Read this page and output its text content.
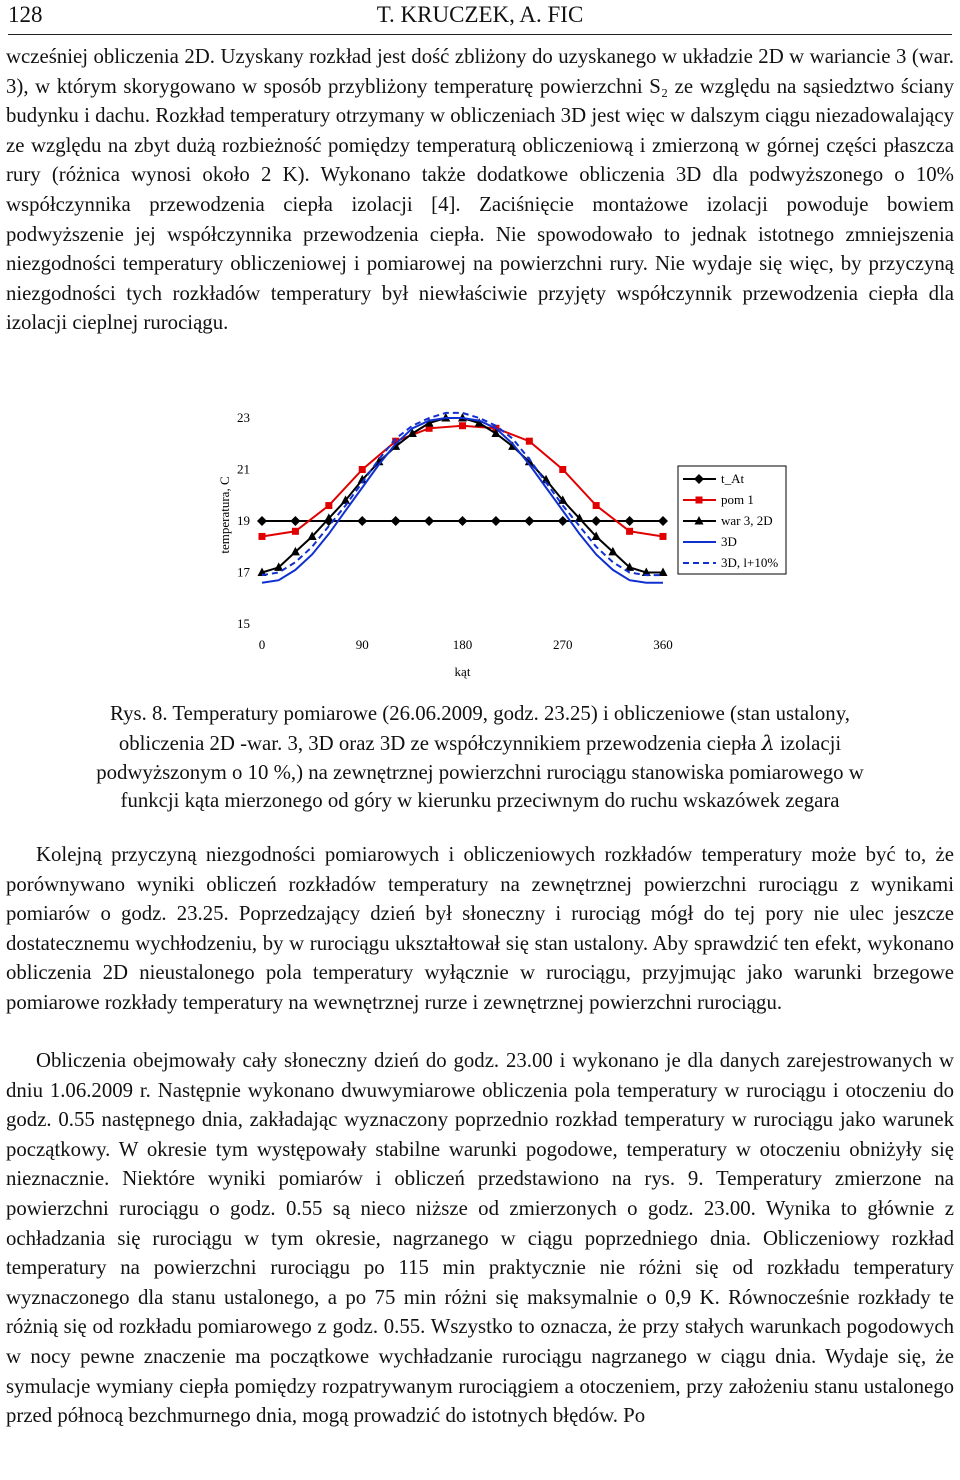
128	T. KRUCZEK, A. FIC

wcześniej obliczenia 2D. Uzyskany rozkład jest dość zbliżony do uzyskanego w układzie 2D w wariancie 3 (war. 3), w którym skorygowano w sposób przybliżony temperaturę powierzchni S₂ ze względu na sąsiedztwo ściany budynku i dachu. Rozkład temperatury otrzymany w obliczeniach 3D jest więc w dalszym ciągu niezadowalający ze względu na zbyt dużą rozbieżność pomiędzy temperaturą obliczeniową i zmierzoną w górnej części płaszcza rury (różnica wynosi około 2 K). Wykonano także dodatkowe obliczenia 3D dla podwyższonego o 10% współczynnika przewodzenia ciepła izolacji [4]. Zaciśnięcie montażowe izolacji powoduje bowiem podwyższenie jej współczynnika przewodzenia ciepła. Nie spowodowało to jednak istotnego zmniejszenia niezgodności temperatury obliczeniowej i pomiarowej na powierzchni rury. Nie wydaje się więc, by przyczyną niezgodności tych rozkładów temperatury był niewłaściwie przyjęty współczynnik przewodzenia ciepła dla izolacji cieplnej rurociągu.

15
17
19
21
23
0	90	180	270	360
kąt
temperatura, C	t_At
pom 1
war 3, 2D
3D
3D, l+10%
Rys. 8. Temperatury pomiarowe (26.06.2009, godz. 23.25) i obliczeniowe (stan ustalony,
obliczenia 2D -war. 3, 3D oraz 3D ze współczynnikiem przewodzenia ciepła λ izolacji
podwyższonym o 10 %,) na zewnętrznej powierzchni rurociągu stanowiska pomiarowego w
funkcji kąta mierzonego od góry w kierunku przeciwnym do ruchu wskazówek zegara

Kolejną przyczyną niezgodności pomiarowych i obliczeniowych rozkładów temperatury może być to, że porównywano wyniki obliczeń rozkładów temperatury na zewnętrznej powierzchni rurociągu z wynikami pomiarów o godz. 23.25. Poprzedzający dzień był słoneczny i rurociąg mógł do tej pory nie ulec jeszcze dostatecznemu wychłodzeniu, by w rurociągu ukształtował się stan ustalony. Aby sprawdzić ten efekt, wykonano obliczenia 2D nieustalonego pola temperatury wyłącznie w rurociągu, przyjmując jako warunki brzegowe pomiarowe rozkłady temperatury na wewnętrznej rurze i zewnętrznej powierzchni rurociągu.

Obliczenia obejmowały cały słoneczny dzień do godz. 23.00 i wykonano je dla danych zarejestrowanych w dniu 1.06.2009 r. Następnie wykonano dwuwymiarowe obliczenia pola temperatury w rurociągu i otoczeniu do godz. 0.55 następnego dnia, zakładając wyznaczony poprzednio rozkład temperatury w rurociągu jako warunek początkowy. W okresie tym występowały stabilne warunki pogodowe, temperatury w otoczeniu obniżyły się nieznacznie. Niektóre wyniki pomiarów i obliczeń przedstawiono na rys. 9. Temperatury zmierzone na powierzchni rurociągu o godz. 0.55 są nieco niższe od zmierzonych o godz. 23.00. Wynika to głównie z ochładzania się rurociągu w tym okresie, nagrzanego w ciągu poprzedniego dnia. Obliczeniowy rozkład temperatury na powierzchni rurociągu po 115 min praktycznie nie różni się od rozkładu temperatury wyznaczonego dla stanu ustalonego, a po 75 min różni się maksymalnie o 0,9 K. Równocześnie rozkłady te różnią się od rozkładu pomiarowego z godz. 0.55. Wszystko to oznacza, że przy stałych warunkach pogodowych w nocy pewne znaczenie ma początkowe wychładzanie rurociągu nagrzanego w ciągu dnia. Wydaje się, że symulacje wymiany ciepła pomiędzy rozpatrywanym rurociągiem a otoczeniem, przy założeniu stanu ustalonego przed północą bezchmurnego dnia, mogą prowadzić do istotnych błędów. Po
